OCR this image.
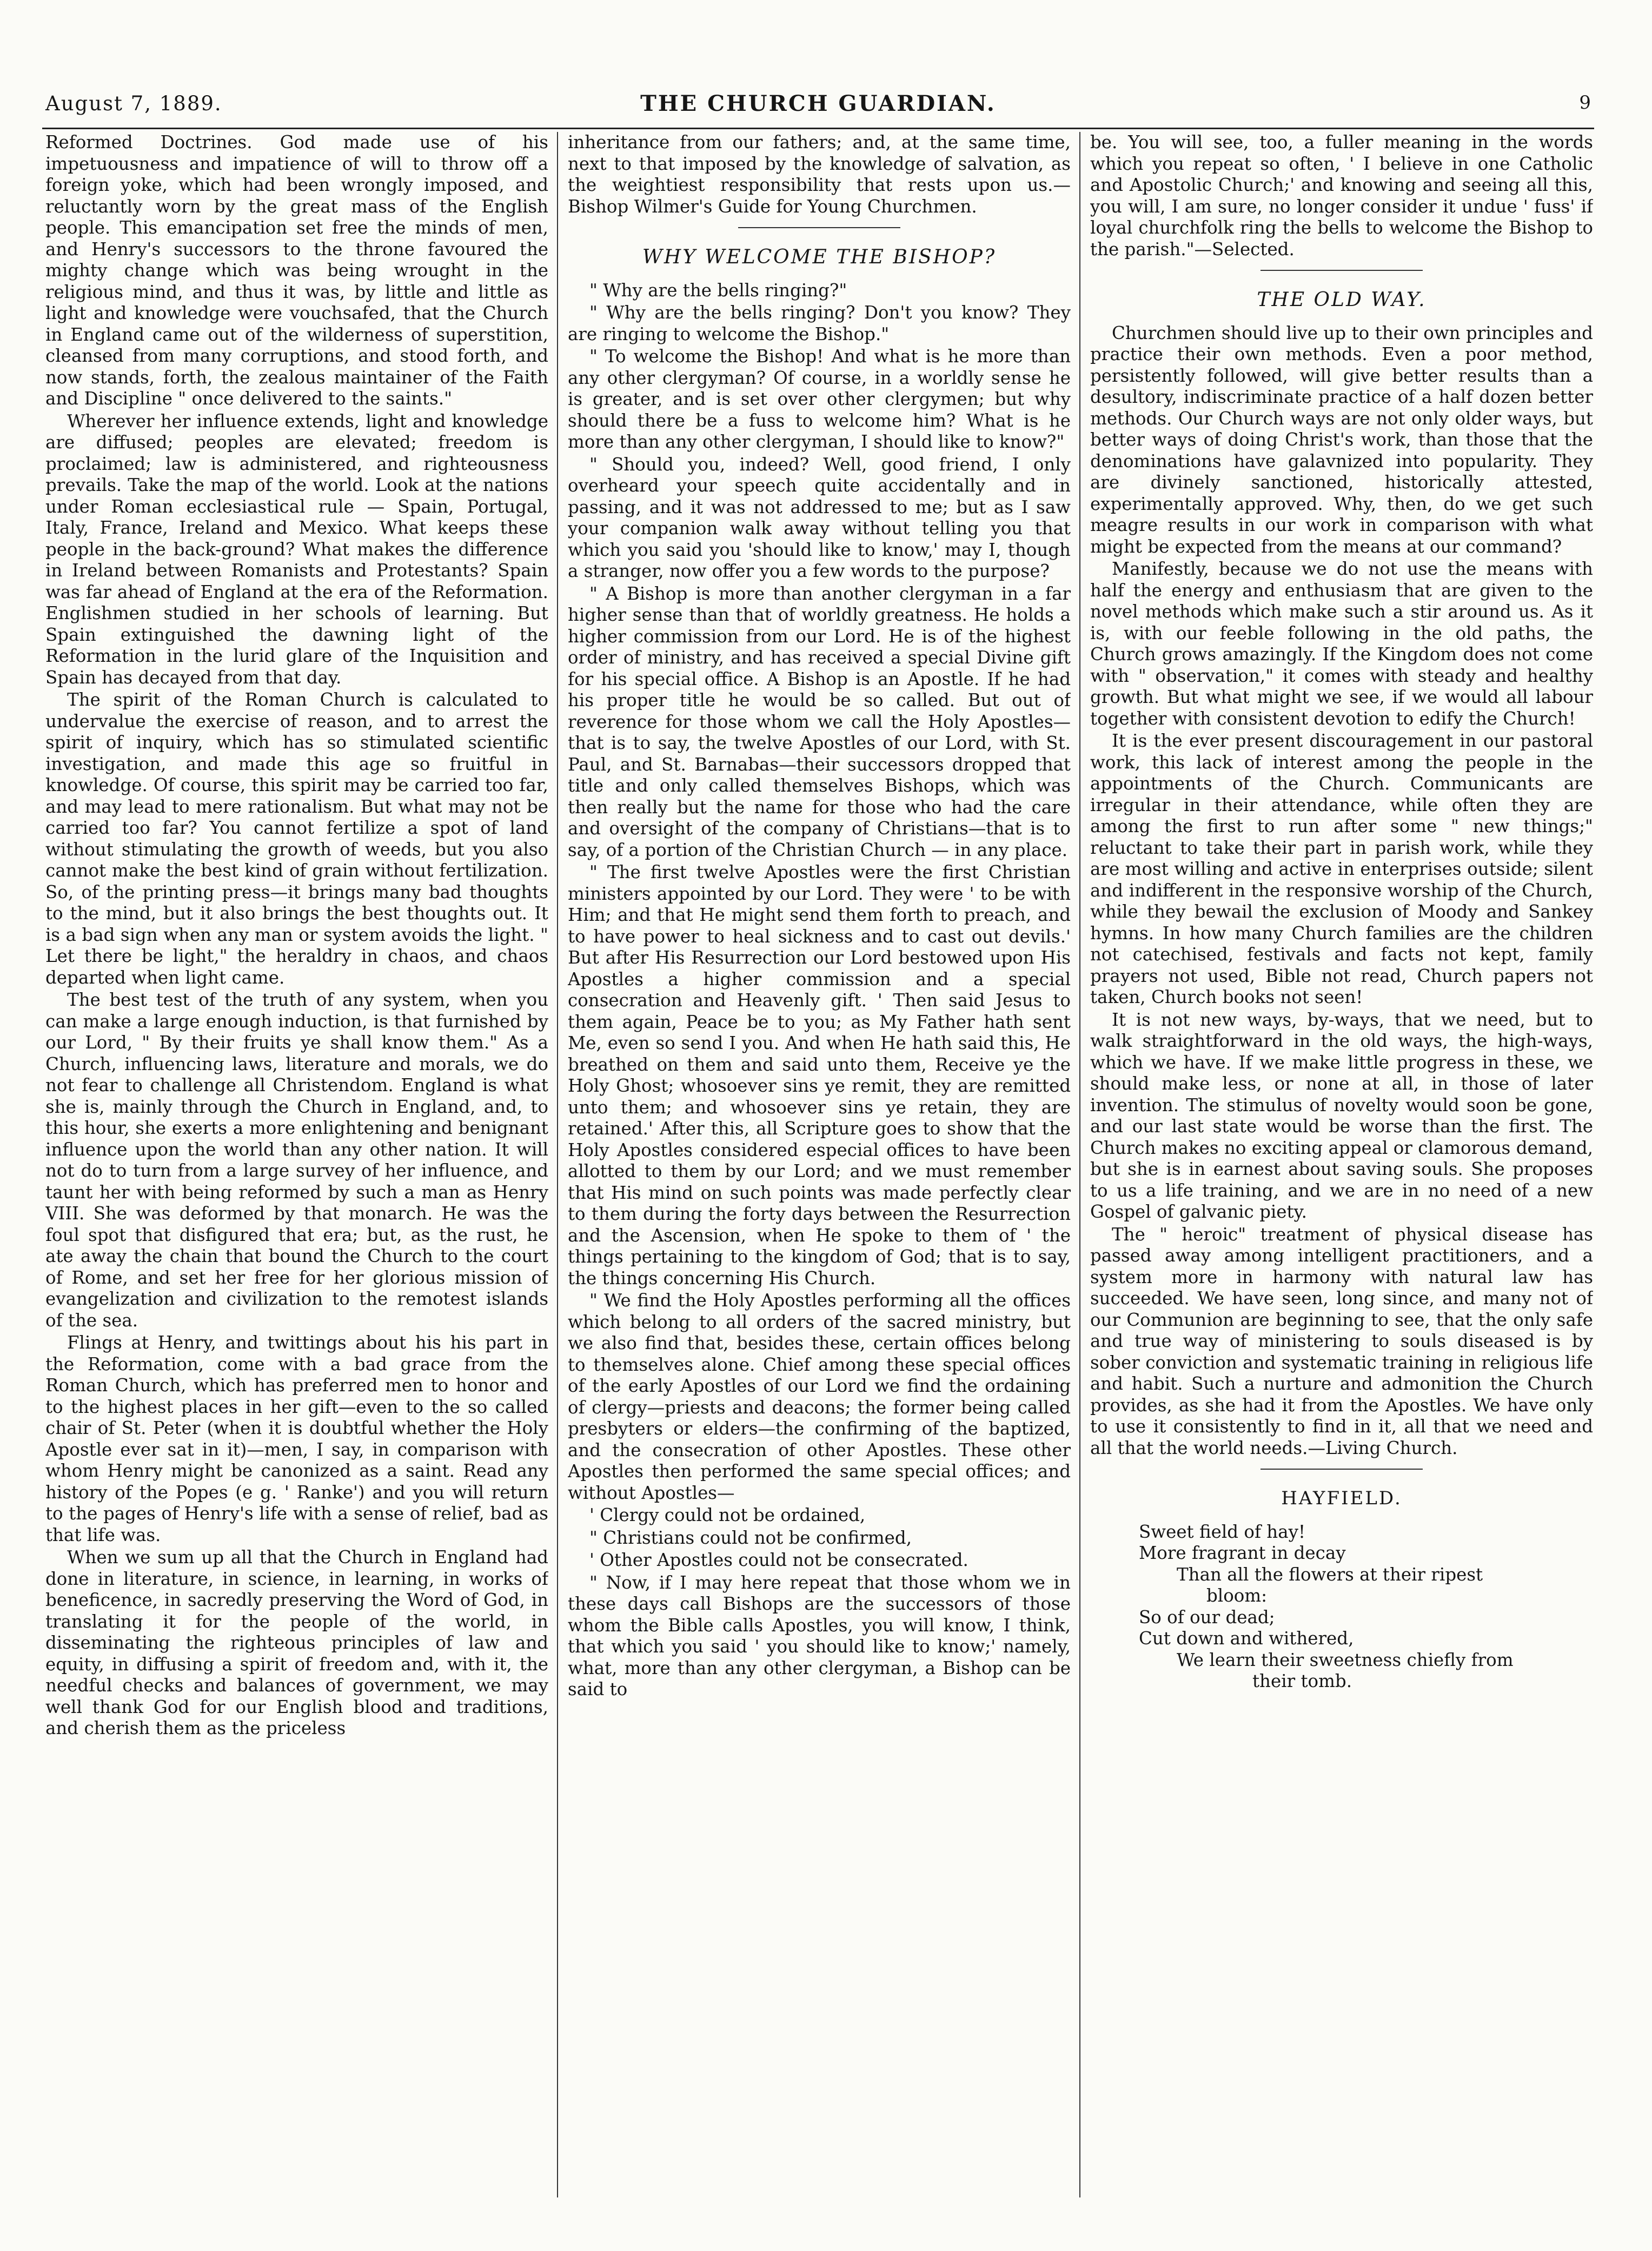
August 7, 1889.	THE CHURCH GUARDIAN.	9

Reformed Doctrines. God made use of his impetuousness and impatience of will to throw off a foreign yoke, which had been wrongly imposed, and reluctantly worn by the great mass of the English people. This emancipation set free the minds of men, and Henry's successors to the throne favoured the mighty change which was being wrought in the religious mind, and thus it was, by little and little as light and knowledge were vouchsafed, that the Church in England came out of the wilderness of superstition, cleansed from many corruptions, and stood forth, and now stands, forth, the zealous maintainer of the Faith and Discipline " once delivered to the saints."

Wherever her influence extends, light and knowledge are diffused; peoples are elevated; freedom is proclaimed; law is administered, and righteousness prevails. Take the map of the world. Look at the nations under Roman ecclesiastical rule — Spain, Portugal, Italy, France, Ireland and Mexico. What keeps these people in the back-ground? What makes the difference in Ireland between Romanists and Protestants? Spain was far ahead of England at the era of the Reformation. Englishmen studied in her schools of learning. But Spain extinguished the dawning light of the Reformation in the lurid glare of the Inquisition and Spain has decayed from that day.

The spirit of the Roman Church is calculated to undervalue the exercise of reason, and to arrest the spirit of inquiry, which has so stimulated scientific investigation, and made this age so fruitful in knowledge. Of course, this spirit may be carried too far, and may lead to mere rationalism. But what may not be carried too far? You cannot fertilize a spot of land without stimulating the growth of weeds, but you also cannot make the best kind of grain without fertilization. So, of the printing press—it brings many bad thoughts to the mind, but it also brings the best thoughts out. It is a bad sign when any man or system avoids the light. " Let there be light," the heraldry in chaos, and chaos departed when light came.

The best test of the truth of any system, when you can make a large enough induction, is that furnished by our Lord, " By their fruits ye shall know them." As a Church, influencing laws, literature and morals, we do not fear to challenge all Christendom. England is what she is, mainly through the Church in England, and, to this hour, she exerts a more enlightening and benignant influence upon the world than any other nation. It will not do to turn from a large survey of her influence, and taunt her with being reformed by such a man as Henry VIII. She was deformed by that monarch. He was the foul spot that disfigured that era; but, as the rust, he ate away the chain that bound the Church to the court of Rome, and set her free for her glorious mission of evangelization and civilization to the remotest islands of the sea.

Flings at Henry, and twittings about his his part in the Reformation, come with a bad grace from the Roman Church, which has preferred men to honor and to the highest places in her gift—even to the so called chair of St. Peter (when it is doubtful whether the Holy Apostle ever sat in it)—men, I say, in comparison with whom Henry might be canonized as a saint. Read any history of the Popes (e g. ' Ranke') and you will return to the pages of Henry's life with a sense of relief, bad as that life was.

When we sum up all that the Church in England had done in literature, in science, in learning, in works of beneficence, in sacredly preserving the Word of God, in translating it for the people of the world, in disseminating the righteous principles of law and equity, in diffusing a spirit of freedom and, with it, the needful checks and balances of government, we may well thank God for our English blood and traditions, and cherish them as the priceless

inheritance from our fathers; and, at the same time, next to that imposed by the knowledge of salvation, as the weightiest responsibility that rests upon us.—Bishop Wilmer's Guide for Young Churchmen.

WHY WELCOME THE BISHOP?

" Why are the bells ringing?"

" Why are the bells ringing? Don't you know? They are ringing to welcome the Bishop."

" To welcome the Bishop! And what is he more than any other clergyman? Of course, in a worldly sense he is greater, and is set over other clergymen; but why should there be a fuss to welcome him? What is he more than any other clergyman, I should like to know?"

" Should you, indeed? Well, good friend, I only overheard your speech quite accidentally and in passing, and it was not addressed to me; but as I saw your companion walk away without telling you that which you said you 'should like to know,' may I, though a stranger, now offer you a few words to the purpose?

" A Bishop is more than another clergyman in a far higher sense than that of worldly greatness. He holds a higher commission from our Lord. He is of the highest order of ministry, and has received a special Divine gift for his special office. A Bishop is an Apostle. If he had his proper title he would be so called. But out of reverence for those whom we call the Holy Apostles—that is to say, the twelve Apostles of our Lord, with St. Paul, and St. Barnabas—their successors dropped that title and only called themselves Bishops, which was then really but the name for those who had the care and oversight of the company of Christians—that is to say, of a portion of the Christian Church — in any place.

" The first twelve Apostles were the first Christian ministers appointed by our Lord. They were ' to be with Him; and that He might send them forth to preach, and to have power to heal sickness and to cast out devils.' But after His Resurrection our Lord bestowed upon His Apostles a higher commission and a special consecration and Heavenly gift. ' Then said Jesus to them again, Peace be to you; as My Father hath sent Me, even so send I you. And when He hath said this, He breathed on them and said unto them, Receive ye the Holy Ghost; whosoever sins ye remit, they are remitted unto them; and whosoever sins ye retain, they are retained.' After this, all Scripture goes to show that the Holy Apostles considered especial offices to have been allotted to them by our Lord; and we must remember that His mind on such points was made perfectly clear to them during the forty days between the Resurrection and the Ascension, when He spoke to them of ' the things pertaining to the kingdom of God; that is to say, the things concerning His Church.

" We find the Holy Apostles performing all the offices which belong to all orders of the sacred ministry, but we also find that, besides these, certain offices belong to themselves alone. Chief among these special offices of the early Apostles of our Lord we find the ordaining of clergy—priests and deacons; the former being called presbyters or elders—the confirming of the baptized, and the consecration of other Apostles. These other Apostles then performed the same special offices; and without Apostles—

' Clergy could not be ordained,

" Christians could not be confirmed,

' Other Apostles could not be consecrated.

" Now, if I may here repeat that those whom we in these days call Bishops are the successors of those whom the Bible calls Apostles, you will know, I think, that which you said ' you should like to know;' namely, what, more than any other clergyman, a Bishop can be said to

be. You will see, too, a fuller meaning in the words which you repeat so often, ' I believe in one Catholic and Apostolic Church;' and knowing and seeing all this, you will, I am sure, no longer consider it undue ' fuss' if loyal churchfolk ring the bells to welcome the Bishop to the parish."—Selected.

THE OLD WAY.

Churchmen should live up to their own principles and practice their own methods. Even a poor method, persistently followed, will give better results than a desultory, indiscriminate practice of a half dozen better methods. Our Church ways are not only older ways, but better ways of doing Christ's work, than those that the denominations have galavnized into popularity. They are divinely sanctioned, historically attested, experimentally approved. Why, then, do we get such meagre results in our work in comparison with what might be expected from the means at our command?

Manifestly, because we do not use the means with half the energy and enthusiasm that are given to the novel methods which make such a stir around us. As it is, with our feeble following in the old paths, the Church grows amazingly. If the Kingdom does not come with " observation," it comes with steady and healthy growth. But what might we see, if we would all labour together with consistent devotion to edify the Church!

It is the ever present discouragement in our pastoral work, this lack of interest among the people in the appointments of the Church. Communicants are irregular in their attendance, while often they are among the first to run after some " new things;" reluctant to take their part in parish work, while they are most willing and active in enterprises outside; silent and indifferent in the responsive worship of the Church, while they bewail the exclusion of Moody and Sankey hymns. In how many Church families are the children not catechised, festivals and facts not kept, family prayers not used, Bible not read, Church papers not taken, Church books not seen!

It is not new ways, by-ways, that we need, but to walk straightforward in the old ways, the high-ways, which we have. If we make little progress in these, we should make less, or none at all, in those of later invention. The stimulus of novelty would soon be gone, and our last state would be worse than the first. The Church makes no exciting appeal or clamorous demand, but she is in earnest about saving souls. She proposes to us a life training, and we are in no need of a new Gospel of galvanic piety.

The " heroic" treatment of physical disease has passed away among intelligent practitioners, and a system more in harmony with natural law has succeeded. We have seen, long since, and many not of our Communion are beginning to see, that the only safe and true way of ministering to souls diseased is by sober conviction and systematic training in religious life and habit. Such a nurture and admonition the Church provides, as she had it from the Apostles. We have only to use it consistently to find in it, all that we need and all that the world needs.—Living Church.

HAYFIELD.
Sweet field of hay!
More fragrant in decay
Than all the flowers at their ripest
bloom:
So of our dead;
Cut down and withered,
We learn their sweetness chiefly from
their tomb.
